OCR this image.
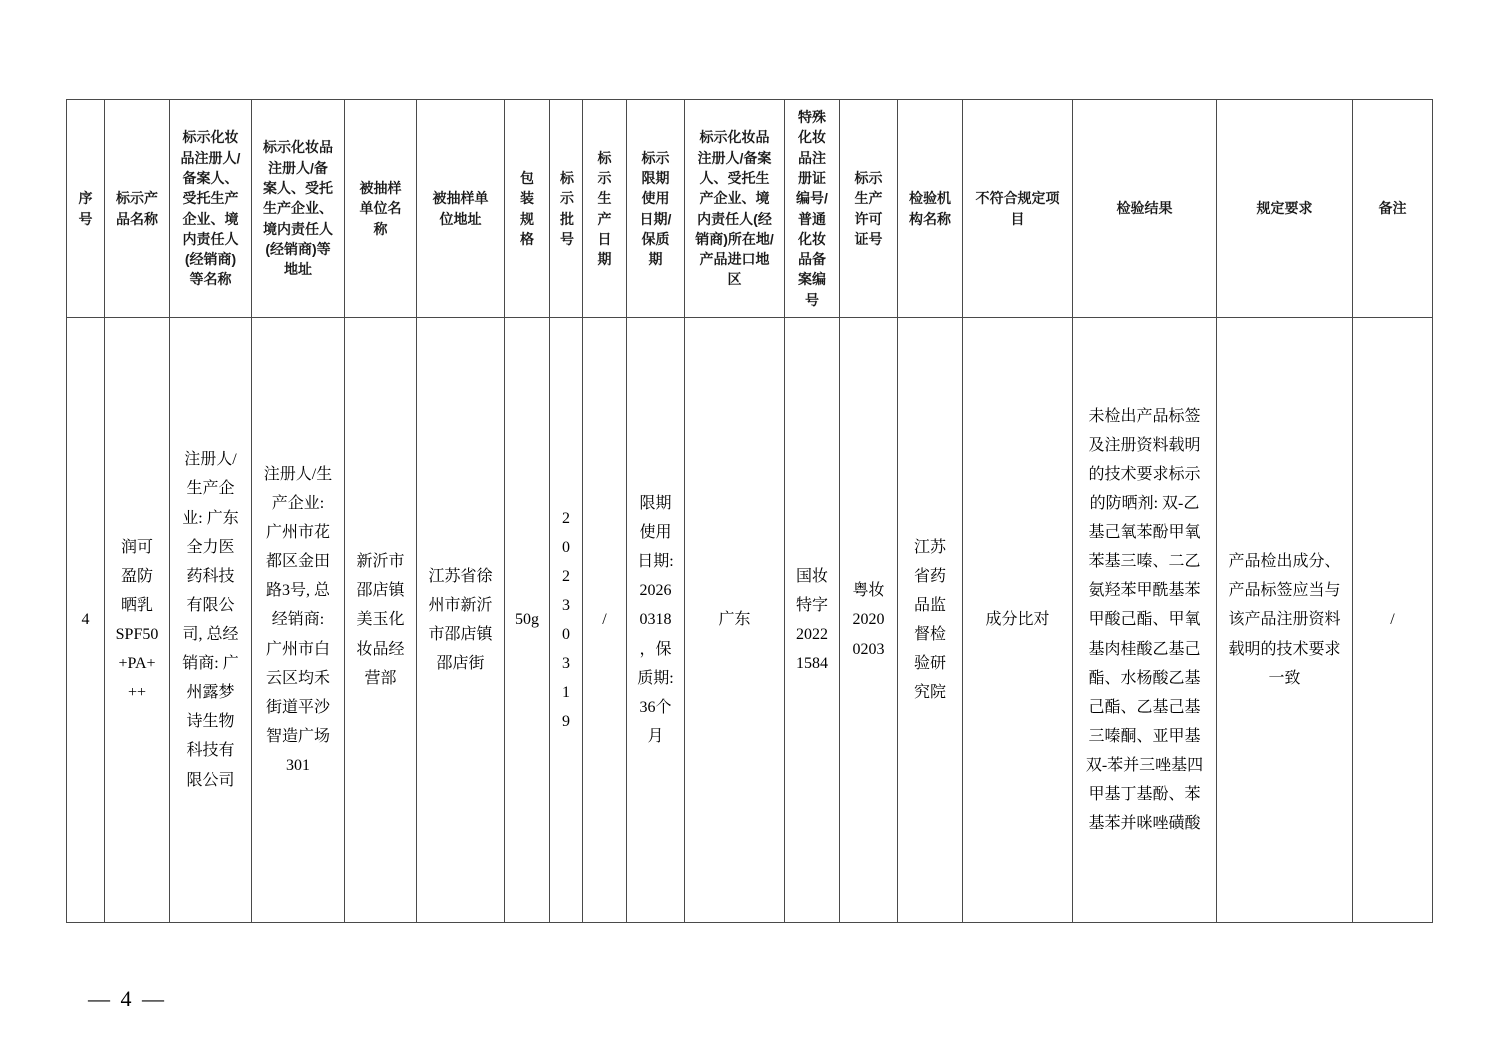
序号	标示产品名称	标示化妆品注册人/备案人、受托生产企业、境内责任人(经销商)等名称	标示化妆品注册人/备案人、受托生产企业、境内责任人(经销商)等地址	被抽样单位名称	被抽样单位地址	包装规格	标示批号	标示生产日期	标示限期使用日期/保质期	标示化妆品注册人/备案人、受托生产企业、境内责任人(经销商)所在地/产品进口地区	特殊化妆品注册证编号/普通化妆品备案编号	标示生产许可证号	检验机构名称	不符合规定项目	检验结果	规定要求	备注
4	润可盈防晒乳SPF50+PA+++	注册人/生产企业: 广东全力医药科技有限公司, 总经销商: 广州露梦诗生物科技有限公司	注册人/生产企业: 广州市花都区金田路3号, 总经销商: 广州市白云区均禾街道平沙智造广场301	新沂市邵店镇美玉化妆品经营部	江苏省徐州市新沂市邵店镇邵店街	50g	20230319	/	限期使用日期: 20260318，保质期: 36个月	广东	国妆特字20221584	粤妆20200203	江苏省药品监督检验研究院	成分比对	未检出产品标签及注册资料载明的技术要求标示的防晒剂: 双-乙基己氧苯酚甲氧苯基三嗪、二乙氨羟苯甲酰基苯甲酸己酯、甲氧基肉桂酸乙基己酯、水杨酸乙基己酯、乙基己基三嗪酮、亚甲基双-苯并三唑基四甲基丁基酚、苯基苯并咪唑磺酸	产品检出成分、产品标签应当与该产品注册资料载明的技术要求一致	/
— 4 —
